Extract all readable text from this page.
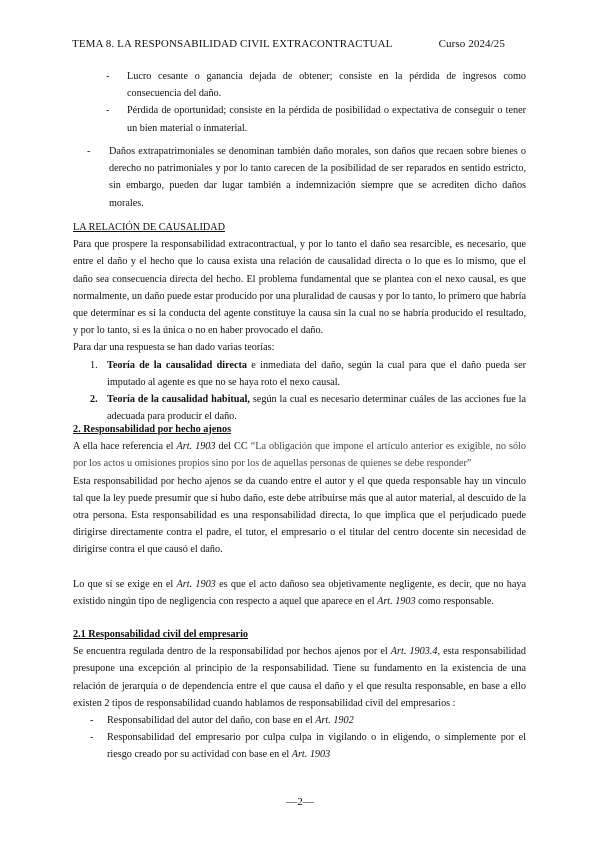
TEMA 8. LA RESPONSABILIDAD CIVIL EXTRACONTRACTUAL	Curso 2024/25
- Lucro cesante o ganancia dejada de obtener; consiste en la pérdida de ingresos como consecuencia del daño.

- Pérdida de oportunidad; consiste en la pérdida de posibilidad o expectativa de conseguir o tener un bien material o inmaterial.

- Daños extrapatrimoniales se denominan también daño morales, son daños que recaen sobre bienes o derecho no patrimoniales y por lo tanto carecen de la posibilidad de ser reparados en sentido estricto, sin embargo, pueden dar lugar también a indemnización siempre que se acrediten dicho daños morales.

LA RELACIÓN DE CAUSALIDAD

Para que prospere la responsabilidad extracontractual, y por lo tanto el daño sea resarcible, es necesario, que entre el daño y el hecho que lo causa exista una relación de causalidad directa o lo que es lo mismo, que el daño sea consecuencia directa del hecho. El problema fundamental que se plantea con el nexo causal, es que normalmente, un daño puede estar producido por una pluralidad de causas y por lo tanto, lo primero que habría que determinar es si la conducta del agente constituye la causa sin la cual no se habría producido el resultado, y por lo tanto, si es la única o no en haber provocado el daño.

Para dar una respuesta se han dado varias teorías:

1. Teoría de la causalidad directa e inmediata del daño, según la cual para que el daño pueda ser imputado al agente es que no se haya roto el nexo causal.

2. Teoría de la causalidad habitual, según la cual es necesario determinar cuáles de las acciones fue la adecuada para producir el daño.

2. Responsabilidad por hecho ajenos

A ella hace referencia el Art. 1903 del CC “La obligación que impone el artículo anterior es exigible, no sólo por los actos u omisiones propios sino por los de aquellas personas de quienes se debe responder”

Esta responsabilidad por hecho ajenos se da cuando entre el autor y el que queda responsable hay un vínculo tal que la ley puede presumir que si hubo daño, este debe atribuirse más que al autor material, al descuido de la otra persona. Esta responsabilidad es una responsabilidad directa, lo que implica que el perjudicado puede dirigirse directamente contra el padre, el tutor, el empresario o el titular del centro docente sin necesidad de dirigirse contra el que causó el daño.

Lo que sí se exige en el Art. 1903 es que el acto dañoso sea objetivamente negligente, es decir, que no haya existido ningún tipo de negligencia con respecto a aquel que aparece en el Art. 1903 como responsable.

2.1 Responsabilidad civil del empresario

Se encuentra regulada dentro de la responsabilidad por hechos ajenos por el Art. 1903.4, esta responsabilidad presupone una excepción al principio de la responsabilidad. Tiene su fundamento en la existencia de una relación de jerarquía o de dependencia entre el que causa el daño y el que resulta responsable, en base a ello existen 2 tipos de responsabilidad cuando hablamos de responsabilidad civil del empresarios :

- Responsabilidad del autor del daño, con base en el Art. 1902

- Responsabilidad del empresario por culpa culpa in vigilando o in eligendo, o simplemente por el riesgo creado por su actividad con base en el Art. 1903

—2—
